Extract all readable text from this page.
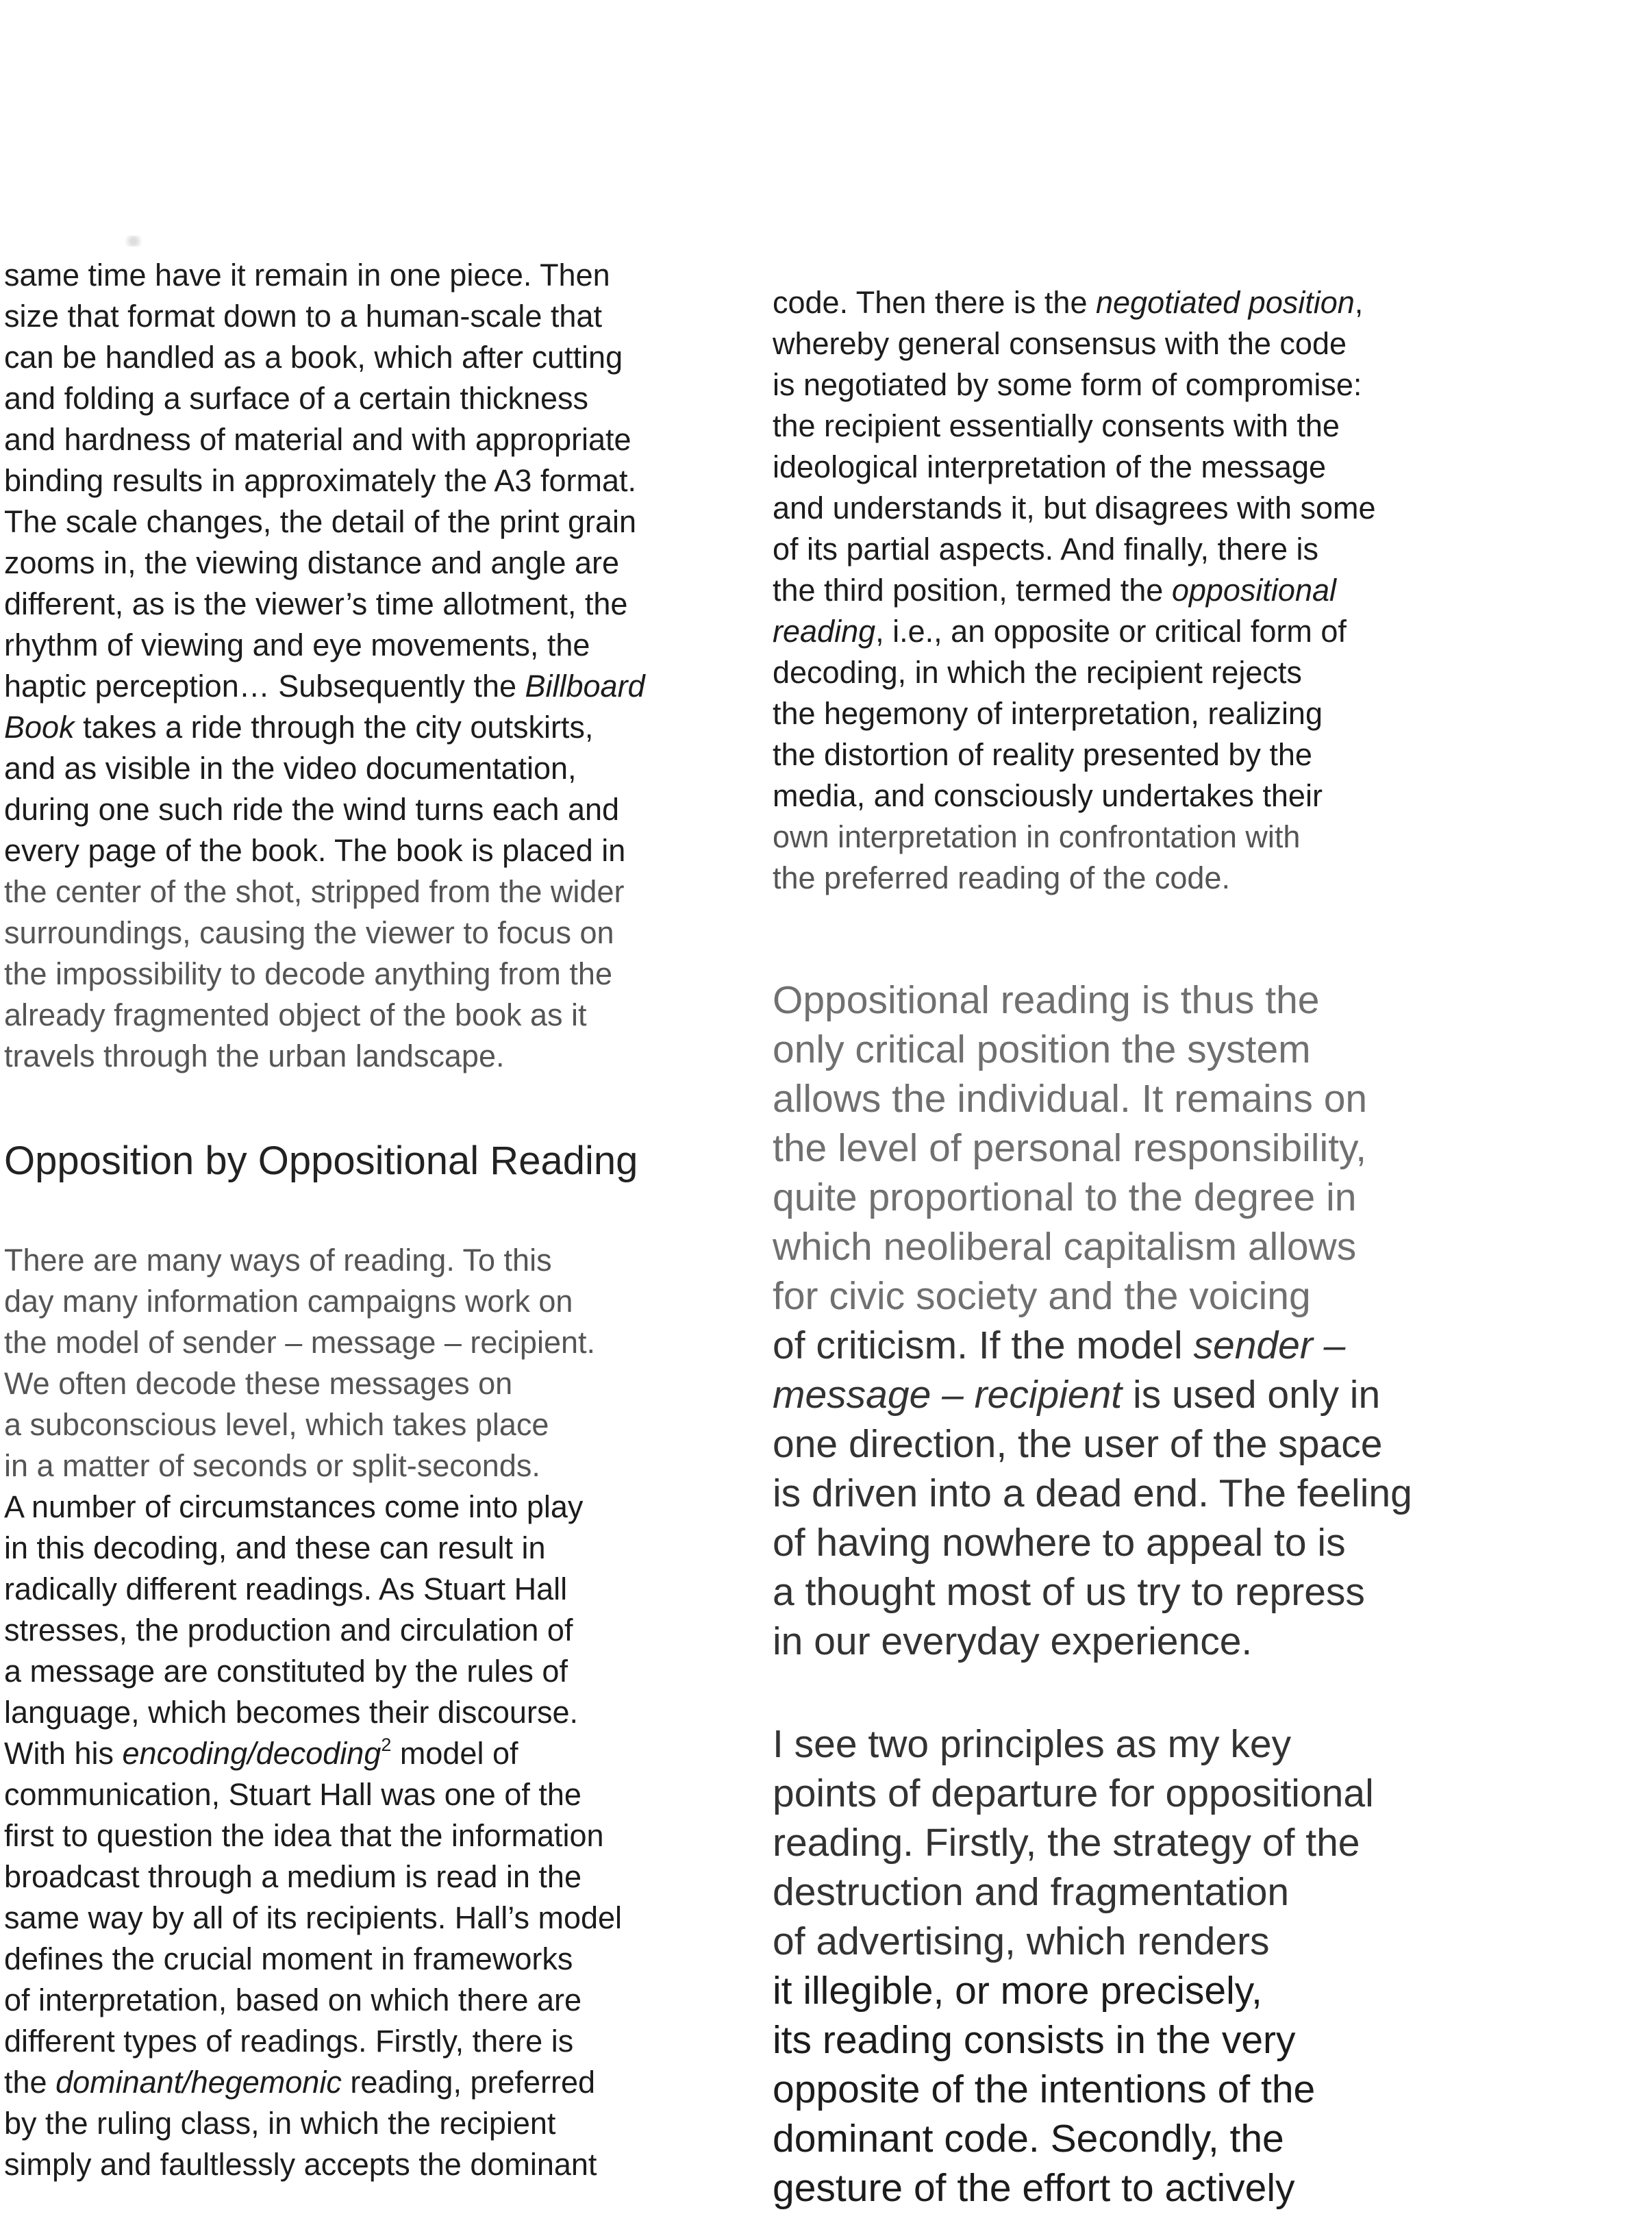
same time have it remain in one piece. Then
size that format down to a human-scale that
can be handled as a book, which after cutting
and folding a surface of a certain thickness
and hardness of material and with appropriate
binding results in approximately the A3 format.
The scale changes, the detail of the print grain
zooms in, the viewing distance and angle are
different, as is the viewer’s time allotment, the
rhythm of viewing and eye movements, the
haptic perception… Subsequently the Billboard
Book takes a ride through the city outskirts,
and as visible in the video documentation,
during one such ride the wind turns each and
every page of the book. The book is placed in
the center of the shot, stripped from the wider
surroundings, causing the viewer to focus on
the impossibility to decode anything from the
already fragmented object of the book as it
travels through the urban landscape.
Opposition by Oppositional Reading
There are many ways of reading. To this
day many information campaigns work on
the model of sender – message – recipient.
We often decode these messages on
a subconscious level, which takes place
in a matter of seconds or split-seconds.
A number of circumstances come into play
in this decoding, and these can result in
radically different readings. As Stuart Hall
stresses, the production and circulation of
a message are constituted by the rules of
language, which becomes their discourse.
With his encoding/decoding$^2$ model of
communication, Stuart Hall was one of the
first to question the idea that the information
broadcast through a medium is read in the
same way by all of its recipients. Hall’s model
defines the crucial moment in frameworks
of interpretation, based on which there are
different types of readings. Firstly, there is
the dominant/hegemonic reading, preferred
by the ruling class, in which the recipient
simply and faultlessly accepts the dominant
code. Then there is the negotiated position,
whereby general consensus with the code
is negotiated by some form of compromise:
the recipient essentially consents with the
ideological interpretation of the message
and understands it, but disagrees with some
of its partial aspects. And finally, there is
the third position, termed the oppositional
reading, i.e., an opposite or critical form of
decoding, in which the recipient rejects
the hegemony of interpretation, realizing
the distortion of reality presented by the
media, and consciously undertakes their
own interpretation in confrontation with
the preferred reading of the code.
Oppositional reading is thus the
only critical position the system
allows the individual. It remains on
the level of personal responsibility,
quite proportional to the degree in
which neoliberal capitalism allows
for civic society and the voicing
of criticism. If the model sender –
message – recipient is used only in
one direction, the user of the space
is driven into a dead end. The feeling
of having nowhere to appeal to is
a thought most of us try to repress
in our everyday experience.
I see two principles as my key
points of departure for oppositional
reading. Firstly, the strategy of the
destruction and fragmentation
of advertising, which renders
it illegible, or more precisely,
its reading consists in the very
opposite of the intentions of the
dominant code. Secondly, the
gesture of the effort to actively
